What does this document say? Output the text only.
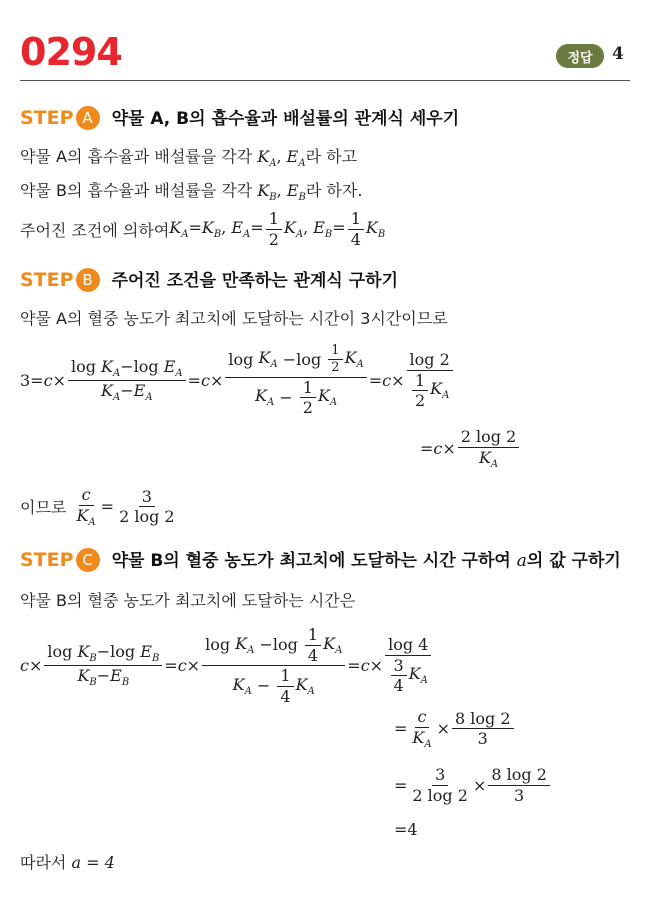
0294	정답	4
STEP A 약물 A, B의 흡수율과 배설률의 관계식 세우기
약물 A의 흡수율과 배설률을 각각 $K_A$, $E_A$라 하고
약물 B의 흡수율과 배설률을 각각 $K_B$, $E_B$라 하자.
주어진 조건에 의하여 $K_A=K_B$, $E_A= \frac{1}{2} K_A$, $E_B= \frac{1}{4} K_B$
STEP B 주어진 조건을 만족하는 관계식 구하기
약물 A의 혈중 농도가 최고치에 도달하는 시간이 3시간이므로
$3=c\times \frac{\log K_A-\log E_A}{K_A-E_A} =c\times \frac{\log K_A -\log \frac{1}{2} K_A}{K_A - \frac{1}{2} K_A} =c\times \frac{\log 2}{\frac{1}{2} K_A}$
$=c\times \frac{2 \log 2}{K_A}$
이므로
$\frac{c}{K_A} = \frac{3}{2 \log 2}$
STEP C 약물 B의 혈중 농도가 최고치에 도달하는 시간 구하여 a의 값 구하기
약물 B의 혈중 농도가 최고치에 도달하는 시간은
$c\times \frac{\log K_B-\log E_B}{K_B-E_B} =c\times \frac{\log K_A -\log \frac{1}{4} K_A}{K_A - \frac{1}{4} K_A} =c\times \frac{\log 4}{\frac{3}{4} K_A}$
= $\frac{c}{K_A} \times \frac{8 \log 2}{3}$
= $\frac{3}{2 \log 2} \times \frac{8 \log 2}{3}$
=4
따라서 a = 4
